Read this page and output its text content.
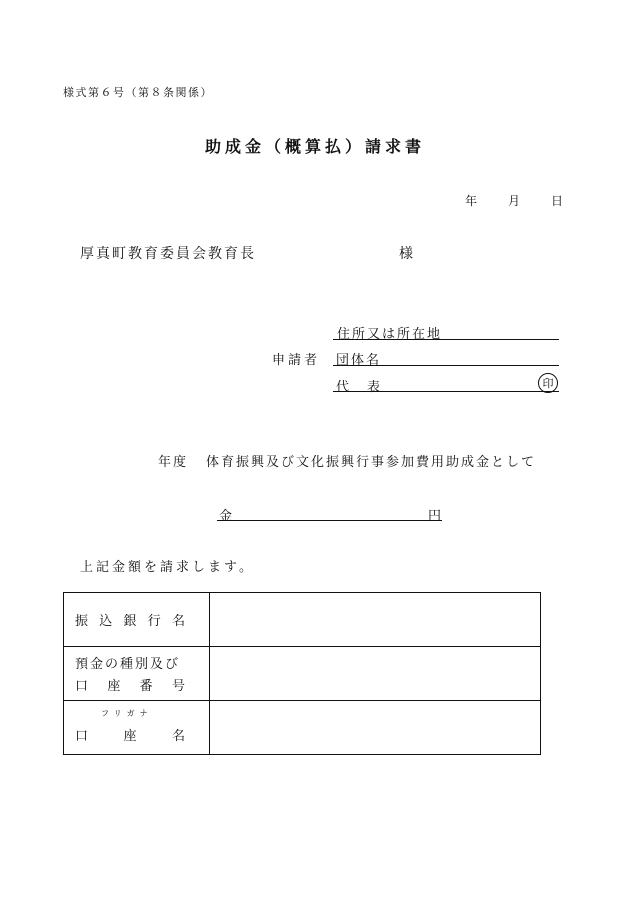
様式第６号（第８条関係）
助成金（概算払）請求書
年	月	日
厚真町教育委員会教育長	様
申請者
住所又は所在地
団体名
代 表	印
年度 体育振興及び文化振興行事参加費用助成金として
金	円
上記金額を請求します。
振 込 銀 行 名	

預金の種別及び
口 座 番 号	

フリガナ
口 座 名	
